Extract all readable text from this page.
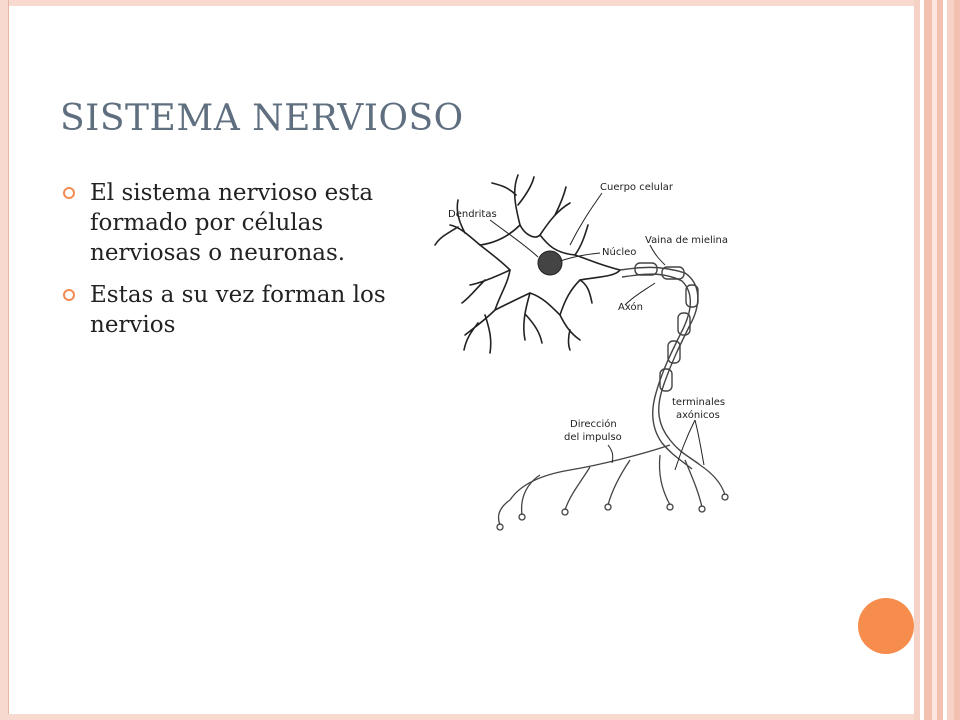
SISTEMA NERVIOSO
El sistema nervioso esta formado por células nerviosas o neuronas.
Estas a su vez forman los nervios
Cuerpo celular
Dendritas
Núcleo
Vaina de mielina
Axón
Dirección
del impulso
terminales
axónicos
